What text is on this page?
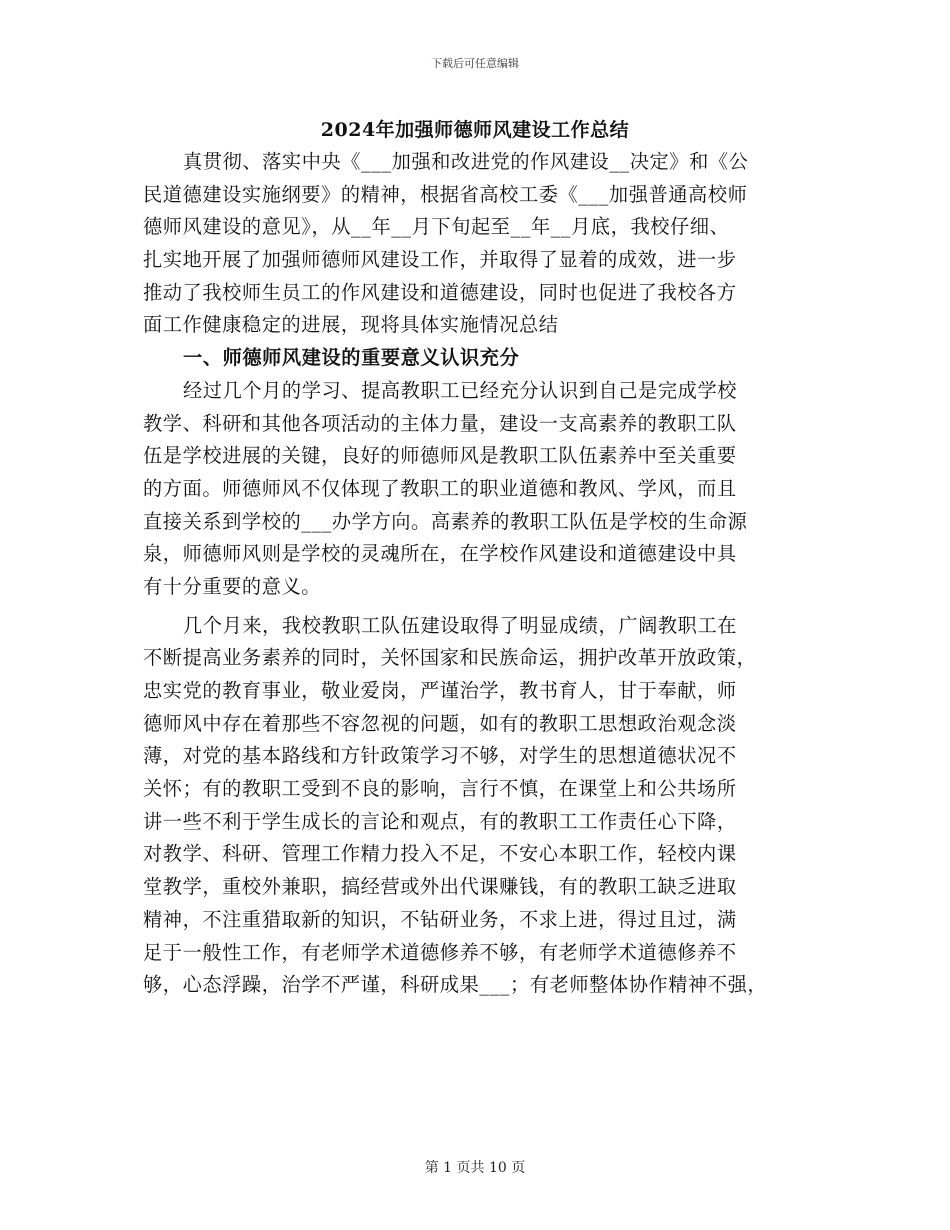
下载后可任意编辑
2024年加强师德师风建设工作总结
真贯彻、落实中央《___加强和改进党的作风建设__决定》和《公
民道德建设实施纲要》的精神，根据省高校工委《___加强普通高校师
德师风建设的意见》，从__年__月下旬起至__年__月底，我校仔细、
扎实地开展了加强师德师风建设工作，并取得了显着的成效，进一步
推动了我校师生员工的作风建设和道德建设，同时也促进了我校各方
面工作健康稳定的进展，现将具体实施情况总结
一、师德师风建设的重要意义认识充分
经过几个月的学习、提高教职工已经充分认识到自己是完成学校
教学、科研和其他各项活动的主体力量，建设一支高素养的教职工队
伍是学校进展的关键，良好的师德师风是教职工队伍素养中至关重要
的方面。师德师风不仅体现了教职工的职业道德和教风、学风，而且
直接关系到学校的___办学方向。高素养的教职工队伍是学校的生命源
泉，师德师风则是学校的灵魂所在，在学校作风建设和道德建设中具
有十分重要的意义。
几个月来，我校教职工队伍建设取得了明显成绩，广阔教职工在
不断提高业务素养的同时，关怀国家和民族命运，拥护改革开放政策，
忠实党的教育事业，敬业爱岗，严谨治学，教书育人，甘于奉献，师
德师风中存在着那些不容忽视的问题，如有的教职工思想政治观念淡
薄，对党的基本路线和方针政策学习不够，对学生的思想道德状况不
关怀；有的教职工受到不良的影响，言行不慎，在课堂上和公共场所
讲一些不利于学生成长的言论和观点，有的教职工工作责任心下降，
对教学、科研、管理工作精力投入不足，不安心本职工作，轻校内课
堂教学，重校外兼职，搞经营或外出代课赚钱，有的教职工缺乏进取
精神，不注重猎取新的知识，不钻研业务，不求上进，得过且过，满
足于一般性工作，有老师学术道德修养不够，有老师学术道德修养不
够，心态浮躁，治学不严谨，科研成果___；有老师整体协作精神不强，
第 1 页共 10 页
